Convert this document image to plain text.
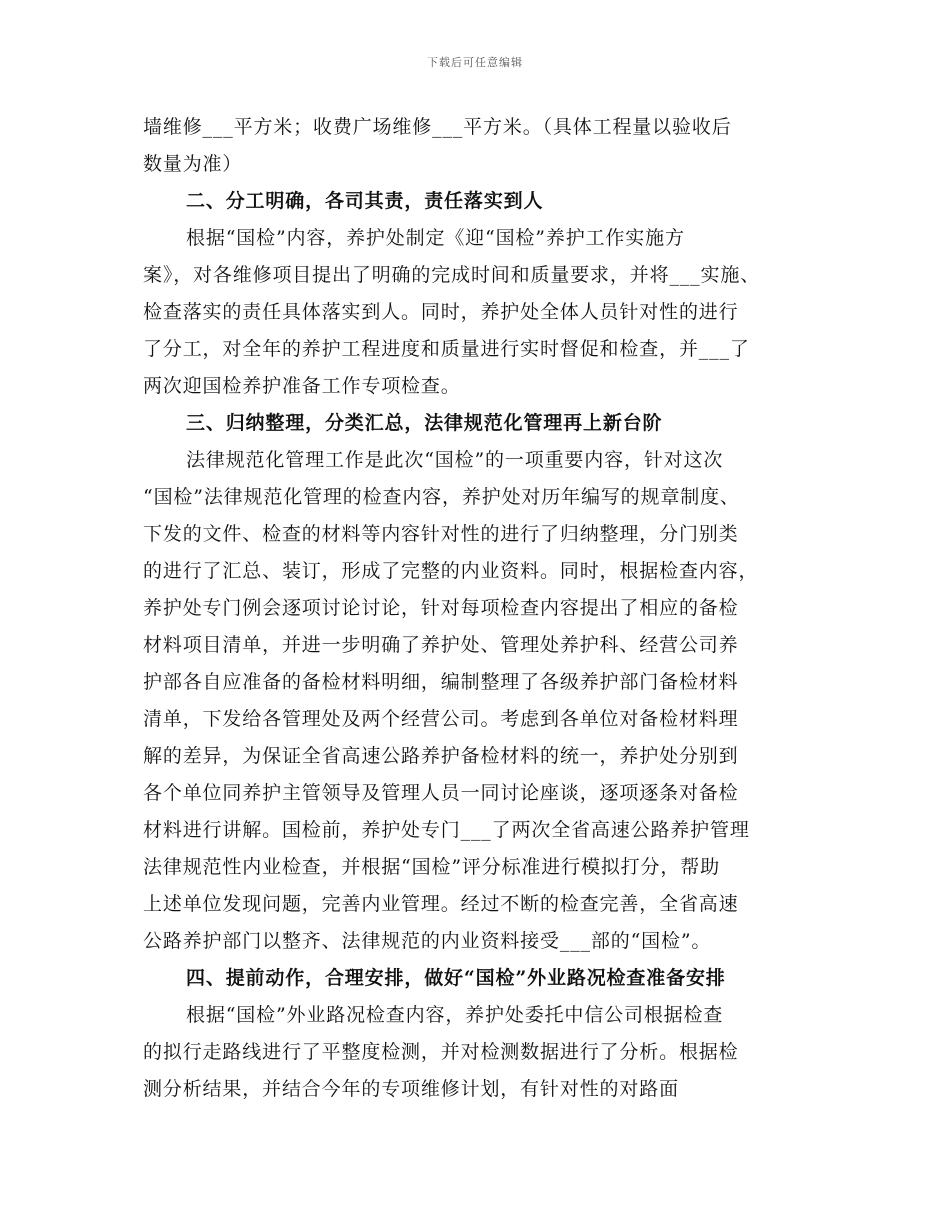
下载后可任意编辑
墙维修___平方米；收费广场维修___平方米。（具体工程量以验收后
数量为准）
二、分工明确，各司其责，责任落实到人
根据“国检”内容，养护处制定《迎“国检”养护工作实施方
案》，对各维修项目提出了明确的完成时间和质量要求，并将___实施、
检查落实的责任具体落实到人。同时，养护处全体人员针对性的进行
了分工，对全年的养护工程进度和质量进行实时督促和检查，并___了
两次迎国检养护准备工作专项检查。
三、归纳整理，分类汇总，法律规范化管理再上新台阶
法律规范化管理工作是此次“国检”的一项重要内容，针对这次
“国检”法律规范化管理的检查内容，养护处对历年编写的规章制度、
下发的文件、检查的材料等内容针对性的进行了归纳整理，分门别类
的进行了汇总、装订，形成了完整的内业资料。同时，根据检查内容，
养护处专门例会逐项讨论讨论，针对每项检查内容提出了相应的备检
材料项目清单，并进一步明确了养护处、管理处养护科、经营公司养
护部各自应准备的备检材料明细，编制整理了各级养护部门备检材料
清单，下发给各管理处及两个经营公司。考虑到各单位对备检材料理
解的差异，为保证全省高速公路养护备检材料的统一，养护处分别到
各个单位同养护主管领导及管理人员一同讨论座谈，逐项逐条对备检
材料进行讲解。国检前，养护处专门___了两次全省高速公路养护管理
法律规范性内业检查，并根据“国检”评分标准进行模拟打分，帮助
上述单位发现问题，完善内业管理。经过不断的检查完善，全省高速
公路养护部门以整齐、法律规范的内业资料接受___部的“国检”。
四、提前动作，合理安排，做好“国检”外业路况检查准备安排
根据“国检”外业路况检查内容，养护处委托中信公司根据检查
的拟行走路线进行了平整度检测，并对检测数据进行了分析。根据检
测分析结果，并结合今年的专项维修计划，有针对性的对路面
